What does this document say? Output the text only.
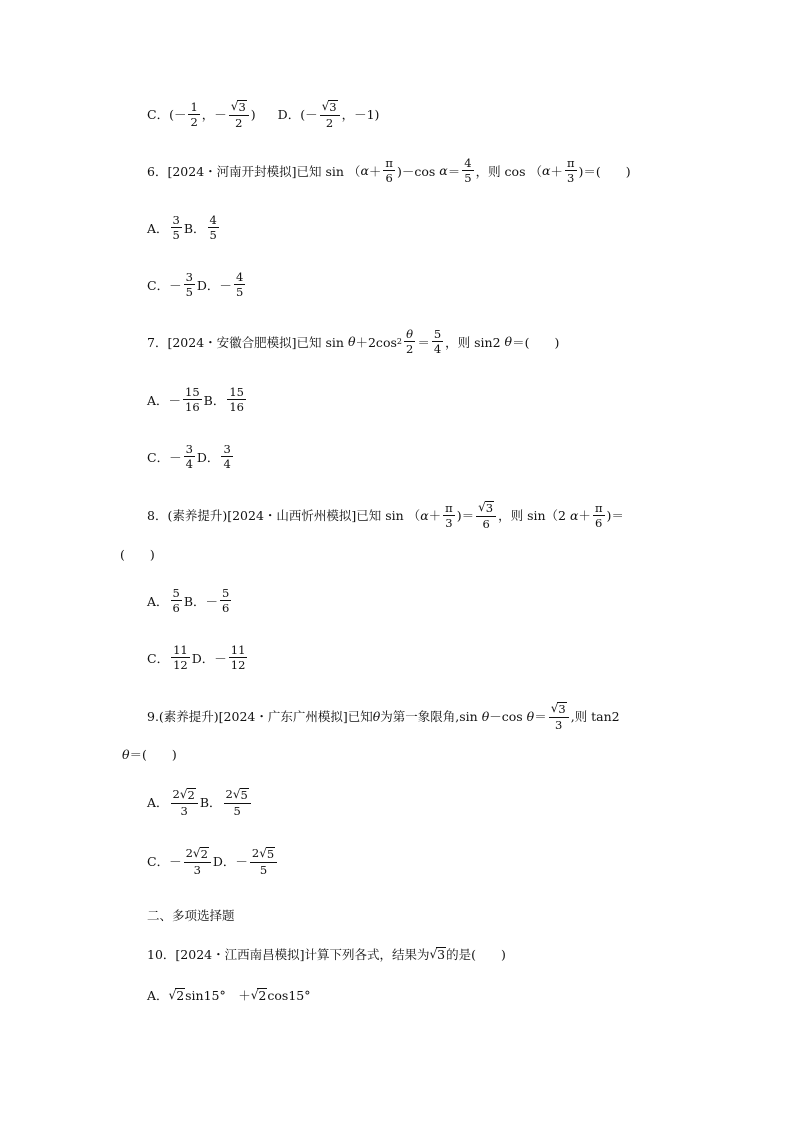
C．(－ $\frac{1}{2}$ ，－ $\frac{√ 3}{2}$ ) D．(－ $\frac{√ 3}{2}$ ，－1)
6．[2024・河南开封模拟]已知 sin （ $\alpha + \frac{\pi}{6} )-\cos$
$\alpha = \frac{4}{5}$ ，则 cos （ $\alpha + \frac{\pi}{3}$ )＝(　　)
A． $\frac{3}{5}$ B． $\frac{4}{5}$
C．－ $\frac{3}{5}$ D．－ $\frac{4}{5}$
7．[2024・安徽合肥模拟]已知 sin
θ ＋2cos $2 \frac{\theta}{2} = \frac{5}{4}$ ，则 sin2
θ ＝(　　)
A．－ $\frac{15}{16}$ B． $\frac{15}{16}$
C．－ $\frac{3}{4}$ D． $\frac{3}{4}$
8．(素养提升)[2024・山西忻州模拟]已知 sin （ $\alpha + \frac{\pi}{3}$ )＝ $\frac{√ 3}{6}$ ，则 sin（2
$\alpha + \frac{\pi}{6}$ )＝
(　　)
A． $\frac{5}{6}$ B．－ $\frac{5}{6}$
C． $\frac{11}{12}$ D．－ $\frac{11}{12}$
9.(素养提升)[2024・广东广州模拟]已知 θ 为第一象限角,sin
θ －cos
$\theta = \frac{√ 3}{3}$ ,则 tan2
θ ＝(　　)
A． $\frac{2 √ 2}{3}$ B． $\frac{2 √ 5}{5}$
C．－ $\frac{2 √ 2}{3}$ D．－ $\frac{2 √ 5}{5}$
二、多项选择题
10．[2024・江西南昌模拟]计算下列各式，结果为 √ 3 的是(　　)
A． √ 2 sin15°　＋ √ 2 cos15°
